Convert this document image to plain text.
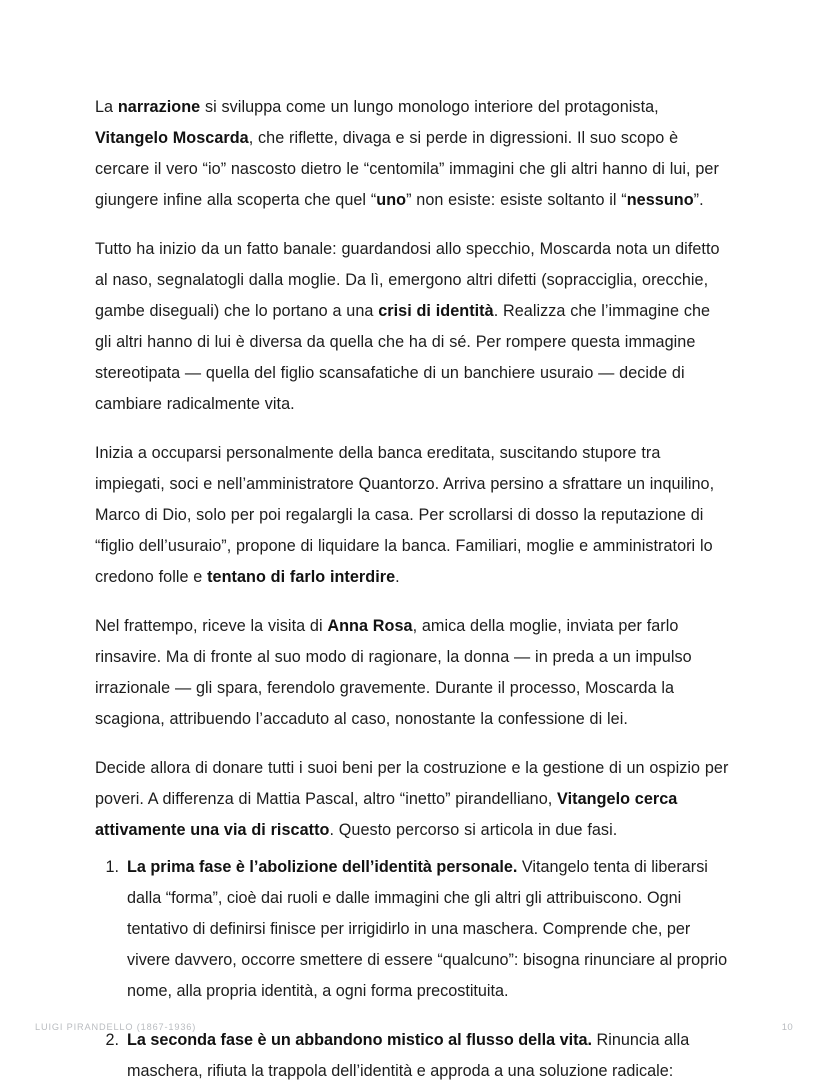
La narrazione si sviluppa come un lungo monologo interiore del protagonista, Vitangelo Moscarda, che riflette, divaga e si perde in digressioni. Il suo scopo è cercare il vero “io” nascosto dietro le “centomila” immagini che gli altri hanno di lui, per giungere infine alla scoperta che quel “uno” non esiste: esiste soltanto il “nessuno”.

Tutto ha inizio da un fatto banale: guardandosi allo specchio, Moscarda nota un difetto al naso, segnalatogli dalla moglie. Da lì, emergono altri difetti (sopracciglia, orecchie, gambe diseguali) che lo portano a una crisi di identità. Realizza che l’immagine che gli altri hanno di lui è diversa da quella che ha di sé. Per rompere questa immagine stereotipata — quella del figlio scansafatiche di un banchiere usuraio — decide di cambiare radicalmente vita.

Inizia a occuparsi personalmente della banca ereditata, suscitando stupore tra impiegati, soci e nell’amministratore Quantorzo. Arriva persino a sfrattare un inquilino, Marco di Dio, solo per poi regalargli la casa. Per scrollarsi di dosso la reputazione di “figlio dell’usuraio”, propone di liquidare la banca. Familiari, moglie e amministratori lo credono folle e tentano di farlo interdire.

Nel frattempo, riceve la visita di Anna Rosa, amica della moglie, inviata per farlo rinsavire. Ma di fronte al suo modo di ragionare, la donna — in preda a un impulso irrazionale — gli spara, ferendolo gravemente. Durante il processo, Moscarda la scagiona, attribuendo l’accaduto al caso, nonostante la confessione di lei.

Decide allora di donare tutti i suoi beni per la costruzione e la gestione di un ospizio per poveri. A differenza di Mattia Pascal, altro “inetto” pirandelliano, Vitangelo cerca attivamente una via di riscatto. Questo percorso si articola in due fasi.

1. La prima fase è l’abolizione dell’identità personale. Vitangelo tenta di liberarsi dalla “forma”, cioè dai ruoli e dalle immagini che gli altri gli attribuiscono. Ogni tentativo di definirsi finisce per irrigidirlo in una maschera. Comprende che, per vivere davvero, occorre smettere di essere “qualcuno”: bisogna rinunciare al proprio nome, alla propria identità, a ogni forma precostituita.
2. La seconda fase è un abbandono mistico al flusso della vita. Rinuncia alla maschera, rifiuta la trappola dell’identità e approda a una soluzione radicale:
LUIGI PIRANDELLO (1867-1936)	10
